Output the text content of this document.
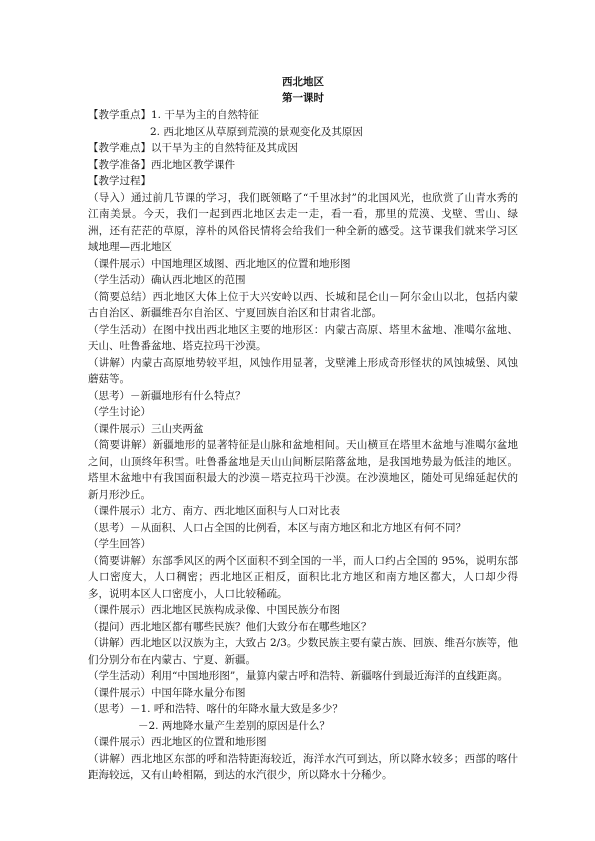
西北地区

第一课时

【教学重点】1. 干旱为主的自然特征

2. 西北地区从草原到荒漠的景观变化及其原因

【教学难点】以干旱为主的自然特征及其成因

【教学准备】西北地区教学课件

【教学过程】

（导入）通过前几节课的学习，我们既领略了“千里冰封”的北国风光，也欣赏了山青水秀的江南美景。今天，我们一起到西北地区去走一走，看一看，那里的荒漠、戈壁、雪山、绿洲，还有茫茫的草原，淳朴的风俗民情将会给我们一种全新的感受。这节课我们就来学习区域地理—西北地区

（课件展示）中国地理区域图、西北地区的位置和地形图

（学生活动）确认西北地区的范围

（简要总结）西北地区大体上位于大兴安岭以西、长城和昆仑山－阿尔金山以北，包括内蒙古自治区、新疆维吾尔自治区、宁夏回族自治区和甘肃省北部。

（学生活动）在图中找出西北地区主要的地形区：内蒙古高原、塔里木盆地、准噶尔盆地、天山、吐鲁番盆地、塔克拉玛干沙漠。

（讲解）内蒙古高原地势较平坦，风蚀作用显著，戈壁滩上形成奇形怪状的风蚀城堡、风蚀蘑菇等。

（思考）－新疆地形有什么特点？

（学生讨论）

（课件展示）三山夹两盆

（简要讲解）新疆地形的显著特征是山脉和盆地相间。天山横亘在塔里木盆地与准噶尔盆地之间，山顶终年积雪。吐鲁番盆地是天山山间断层陷落盆地，是我国地势最为低洼的地区。塔里木盆地中有我国面积最大的沙漠－塔克拉玛干沙漠。在沙漠地区，随处可见绵延起伏的新月形沙丘。

（课件展示）北方、南方、西北地区面积与人口对比表

（思考）－从面积、人口占全国的比例看，本区与南方地区和北方地区有何不同？

（学生回答）

（简要讲解）东部季风区的两个区面积不到全国的一半，而人口约占全国的 95%，说明东部人口密度大，人口稠密；西北地区正相反，面积比北方地区和南方地区都大，人口却少得多，说明本区人口密度小，人口比较稀疏。

（课件展示）西北地区民族构成录像、中国民族分布图

（提问）西北地区都有哪些民族？他们大致分布在哪些地区？

（讲解）西北地区以汉族为主，大致占 2/3。少数民族主要有蒙古族、回族、维吾尔族等，他们分别分布在内蒙古、宁夏、新疆。

（学生活动）利用“中国地形图”，量算内蒙古呼和浩特、新疆喀什到最近海洋的直线距离。

（课件展示）中国年降水量分布图

（思考）－1. 呼和浩特、喀什的年降水量大致是多少？

－2. 两地降水量产生差别的原因是什么？

（课件展示）西北地区的位置和地形图

（讲解）西北地区东部的呼和浩特距海较近，海洋水汽可到达，所以降水较多；西部的喀什距海较远，又有山岭相隔，到达的水汽很少，所以降水十分稀少。
